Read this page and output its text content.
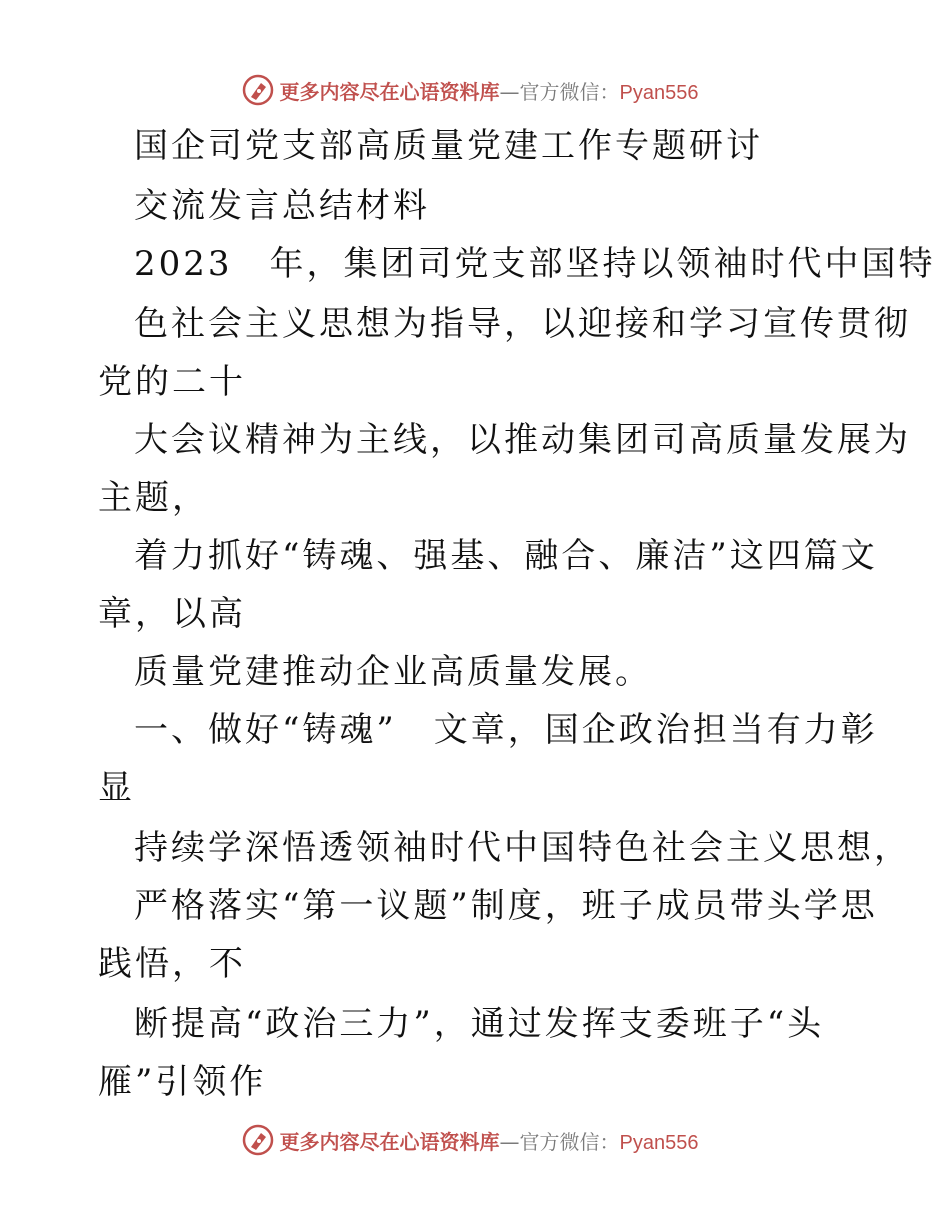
更多内容尽在心语资料库—官方微信：Pyan556
国企司党支部高质量党建工作专题研讨
交流发言总结材料
2023　年，集团司党支部坚持以领袖时代中国特
色社会主义思想为指导，以迎接和学习宣传贯彻
党的二十
大会议精神为主线，以推动集团司高质量发展为
主题，
着力抓好“铸魂、强基、融合、廉洁”这四篇文
章，以高
质量党建推动企业高质量发展。
一、做好“铸魂”　文章，国企政治担当有力彰
显
持续学深悟透领袖时代中国特色社会主义思想，
严格落实“第一议题”制度，班子成员带头学思
践悟，不
断提高“政治三力”，通过发挥支委班子“头
雁”引领作
更多内容尽在心语资料库—官方微信：Pyan556
